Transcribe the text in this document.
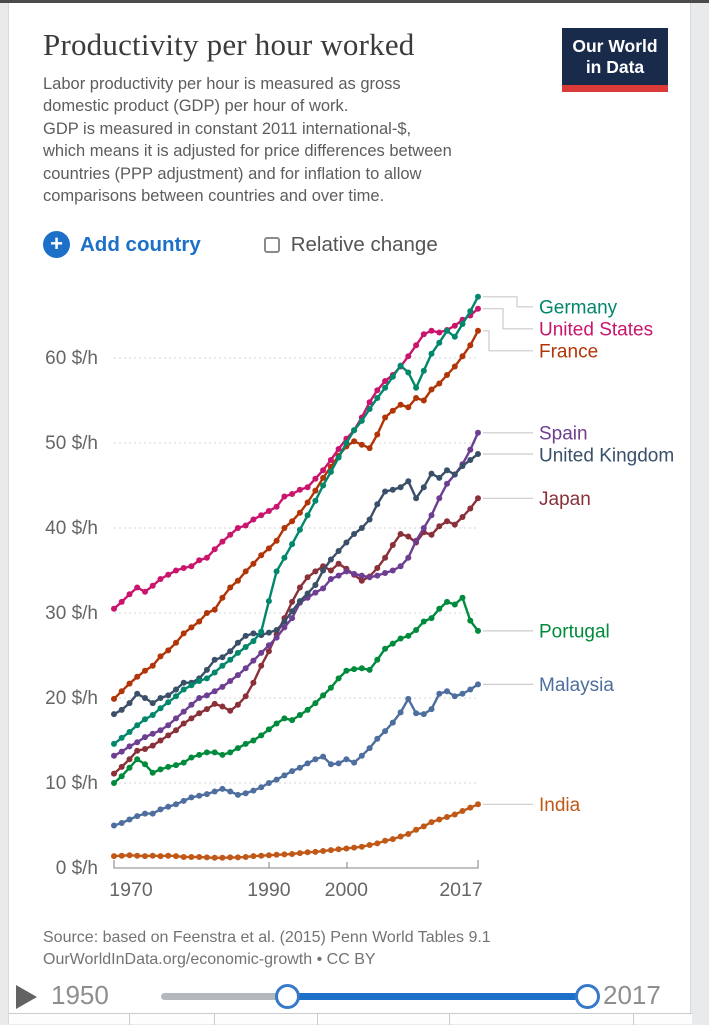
Productivity per hour worked	Our World
in Data
Labor productivity per hour is measured as gross
domestic product (GDP) per hour of work.
GDP is measured in constant 2011 international-$,
which means it is adjusted for price differences between
countries (PPP adjustment) and for inflation to allow
comparisons between countries and over time.
+ Add country	Relative change
0 $/h
10 $/h
20 $/h
30 $/h
40 $/h
50 $/h
60 $/h
1970	1990 2000	2017
Germany
United States
France
Spain
United Kingdom
Japan
Portugal
Malaysia
India
Source: based on Feenstra et al. (2015) Penn World Tables 9.1
OurWorldInData.org/economic-growth • CC BY
1950	2017
